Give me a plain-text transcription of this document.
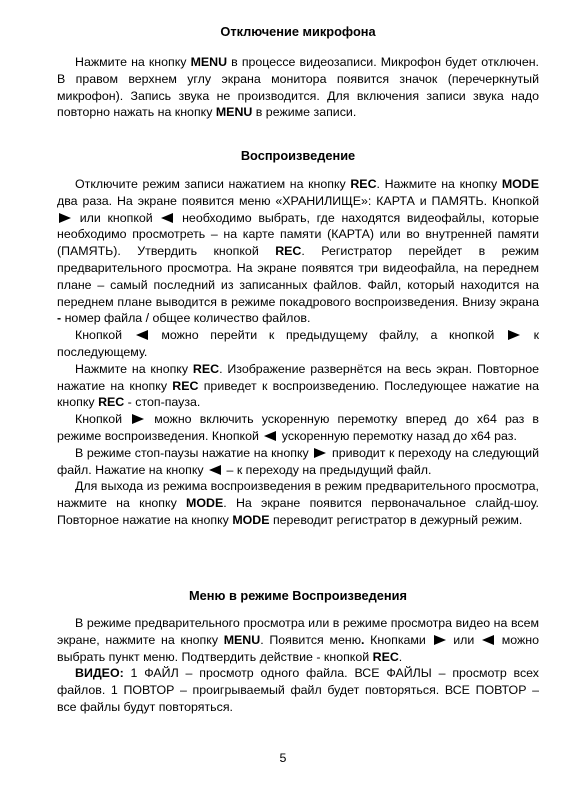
Отключение микрофона

Нажмите на кнопку MENU в процессе видеозаписи. Микрофон будет отключен. В правом верхнем углу экрана монитора появится значок (перечеркнутый микрофон). Запись звука не производится. Для включения записи звука надо повторно нажать на кнопку MENU в режиме записи.

Воспроизведение

Отключите режим записи нажатием на кнопку REC. Нажмите на кнопку MODE два раза. На экране появится меню «ХРАНИЛИЩЕ»: КАРТА и ПАМЯТЬ. Кнопкой  или кнопкой  необходимо выбрать, где находятся видеофайлы, которые необходимо просмотреть – на карте памяти (КАРТА) или во внутренней памяти (ПАМЯТЬ). Утвердить кнопкой REC. Регистратор перейдет в режим предварительного просмотра. На экране появятся три видеофайла, на переднем плане – самый последний из записанных файлов. Файл, который находится на переднем плане выводится в режиме покадрового воспроизведения. Внизу экрана - номер файла / общее количество файлов.

Кнопкой  можно перейти к предыдущему файлу, а кнопкой  к последующему.

Нажмите на кнопку REC. Изображение развернётся на весь экран. Повторное нажатие на кнопку REC приведет к воспроизведению. Последующее нажатие на кнопку REC - стоп-пауза.

Кнопкой  можно включить ускоренную перемотку вперед до x64 раз в режиме воспроизведения. Кнопкой  ускоренную перемотку назад до x64 раз.

В режиме стоп-паузы нажатие на кнопку  приводит к переходу на следующий файл. Нажатие на кнопку  – к переходу на предыдущий файл.

Для выхода из режима воспроизведения в режим предварительного просмотра, нажмите на кнопку MODE. На экране появится первоначальное слайд-шоу. Повторное нажатие на кнопку MODE переводит регистратор в дежурный режим.

Меню в режиме Воспроизведения

В режиме предварительного просмотра или в режиме просмотра видео на всем экране, нажмите на кнопку MENU. Появится меню. Кнопками  или  можно выбрать пункт меню. Подтвердить действие - кнопкой REC.

ВИДЕО: 1 ФАЙЛ – просмотр одного файла. ВСЕ ФАЙЛЫ – просмотр всех файлов. 1 ПОВТОР – проигрываемый файл будет повторяться. ВСЕ ПОВТОР – все файлы будут повторяться.

5
